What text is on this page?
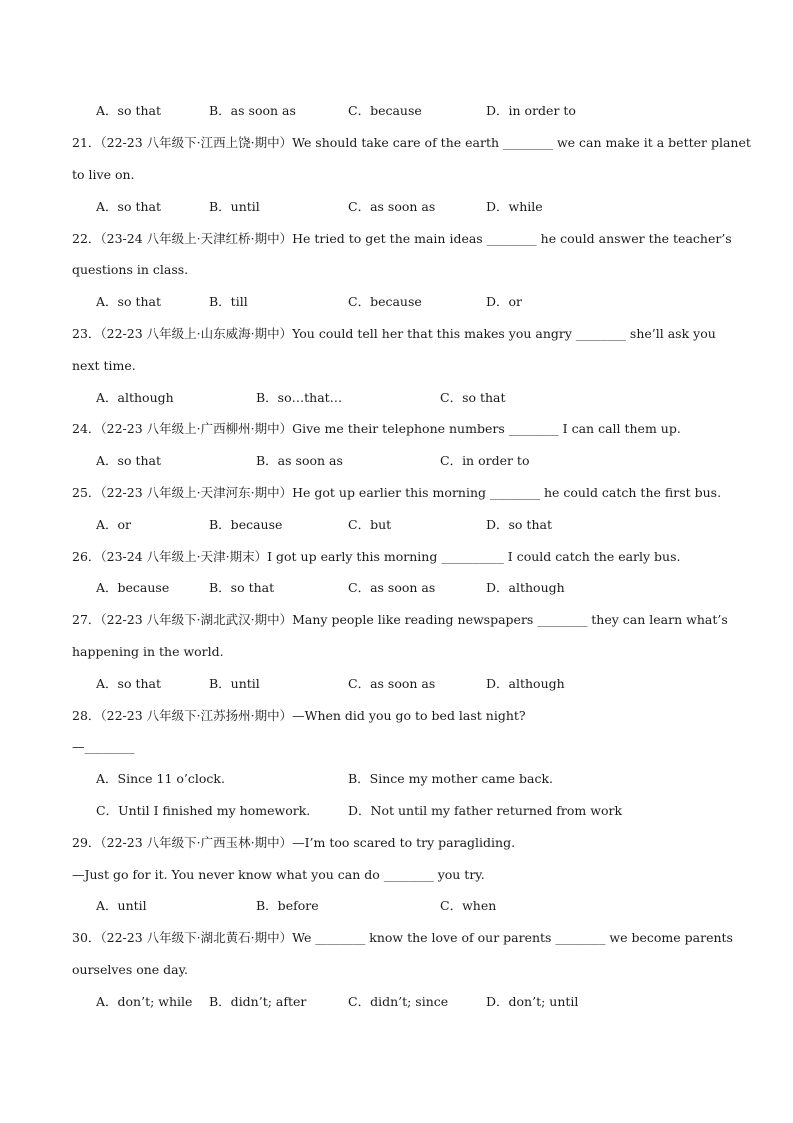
A．so that	B．as soon as	C．because	D．in order to
21．（22-23 八年级下·江西上饶·期中）We should take care of the earth ________ we can make it a better planet
to live on.
A．so that	B．until	C．as soon as	D．while
22．（23-24 八年级上·天津红桥·期中）He tried to get the main ideas ________ he could answer the teacher’s
questions in class.
A．so that	B．till	C．because	D．or
23．（22-23 八年级上·山东威海·期中）You could tell her that this makes you angry ________ she’ll ask you
next time.
A．although	B．so…that…	C．so that
24．（22-23 八年级上·广西柳州·期中）Give me their telephone numbers ________ I can call them up.
A．so that	B．as soon as	C．in order to
25．（22-23 八年级上·天津河东·期中）He got up earlier this morning ________ he could catch the first bus.
A．or	B．because	C．but	D．so that
26．（23-24 八年级上·天津·期末）I got up early this morning __________ I could catch the early bus.
A．because	B．so that	C．as soon as	D．although
27．（22-23 八年级下·湖北武汉·期中）Many people like reading newspapers ________ they can learn what’s
happening in the world.
A．so that	B．until	C．as soon as	D．although
28．（22-23 八年级下·江苏扬州·期中）—When did you go to bed last night?
—________
A．Since 11 o’clock.	B．Since my mother came back.
C．Until I finished my homework.	D．Not until my father returned from work
29．（22-23 八年级下·广西玉林·期中）—I’m too scared to try paragliding.
—Just go for it. You never know what you can do ________ you try.
A．until	B．before	C．when
30．（22-23 八年级下·湖北黄石·期中）We ________ know the love of our parents ________ we become parents
ourselves one day.
A．don’t; while B．didn’t; after	C．didn’t; since	D．don’t; until
